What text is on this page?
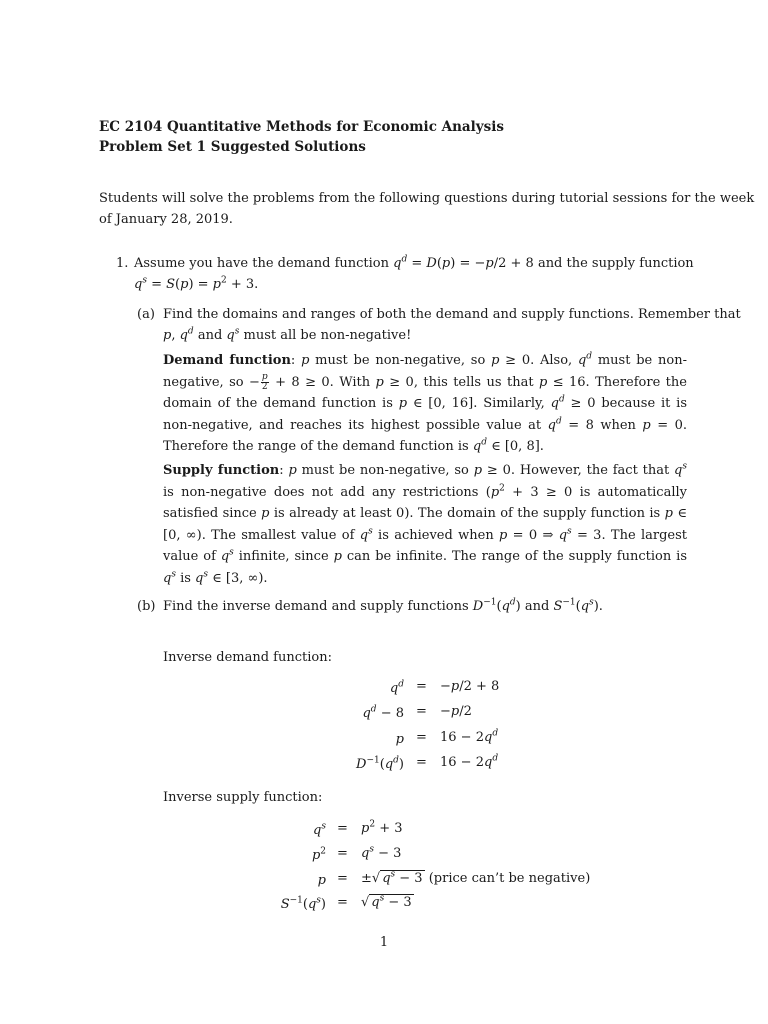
EC 2104 Quantitative Methods for Economic Analysis
Problem Set 1 Suggested Solutions
Students will solve the problems from the following questions during tutorial sessions for the week
of January 28, 2019.
1. Assume you have the demand function $q^d = D(p) = -p/2 + 8$ and the supply function
$q^s = S(p) = p^2 + 3$.
(a) Find the domains and ranges of both the demand and supply functions. Remember that
p, $q^d$ and $q^s$ must all be non-negative!
Demand function: p must be non-negative, so p ≥ 0. Also, $q^d$ must be non-negative, so − $\frac{p}{2} + 8 \ge 0$. With p ≥ 0, this tells us that p ≤ 16. Therefore the domain of the demand function is p ∈ [0, 16]. Similarly, $q^d \ge 0$ because it is non-negative, and reaches its highest possible value at $q^d = 8$ when p = 0. Therefore the range of the demand function is $q^d$ ∈ [0, 8].
Supply function: p must be non-negative, so p ≥ 0. However, the fact that $q^s$ is non-negative does not add any restrictions ($p^2 + 3 \ge 0$ is automatically satisfied since p is already at least 0). The domain of the supply function is p ∈ [0, ∞). The smallest value of $q^s$ is achieved when p = 0 ⇒ $q^s = 3$. The largest value of $q^s$ infinite, since p can be infinite. The range of the supply function is $q^s$ is $q^s$ ∈ [3, ∞).
(b) Find the inverse demand and supply functions $D^{-1}(q^d)$ and $S^{-1}(q^s)$.
Inverse demand function:
$q^d = -p/2 + 8$
$q^d - 8 = -p/2$
$p = 16 - 2q^d$
$D^{-1}(q^d) = 16 - 2q^d$
Inverse supply function:
$q^s = p^2 + 3$
$p^2 = q^s - 3$
p = ±√ $q^s - 3$ (price can’t be negative)
$S^{-1}(q^s)$ = √ $q^s - 3$
1
